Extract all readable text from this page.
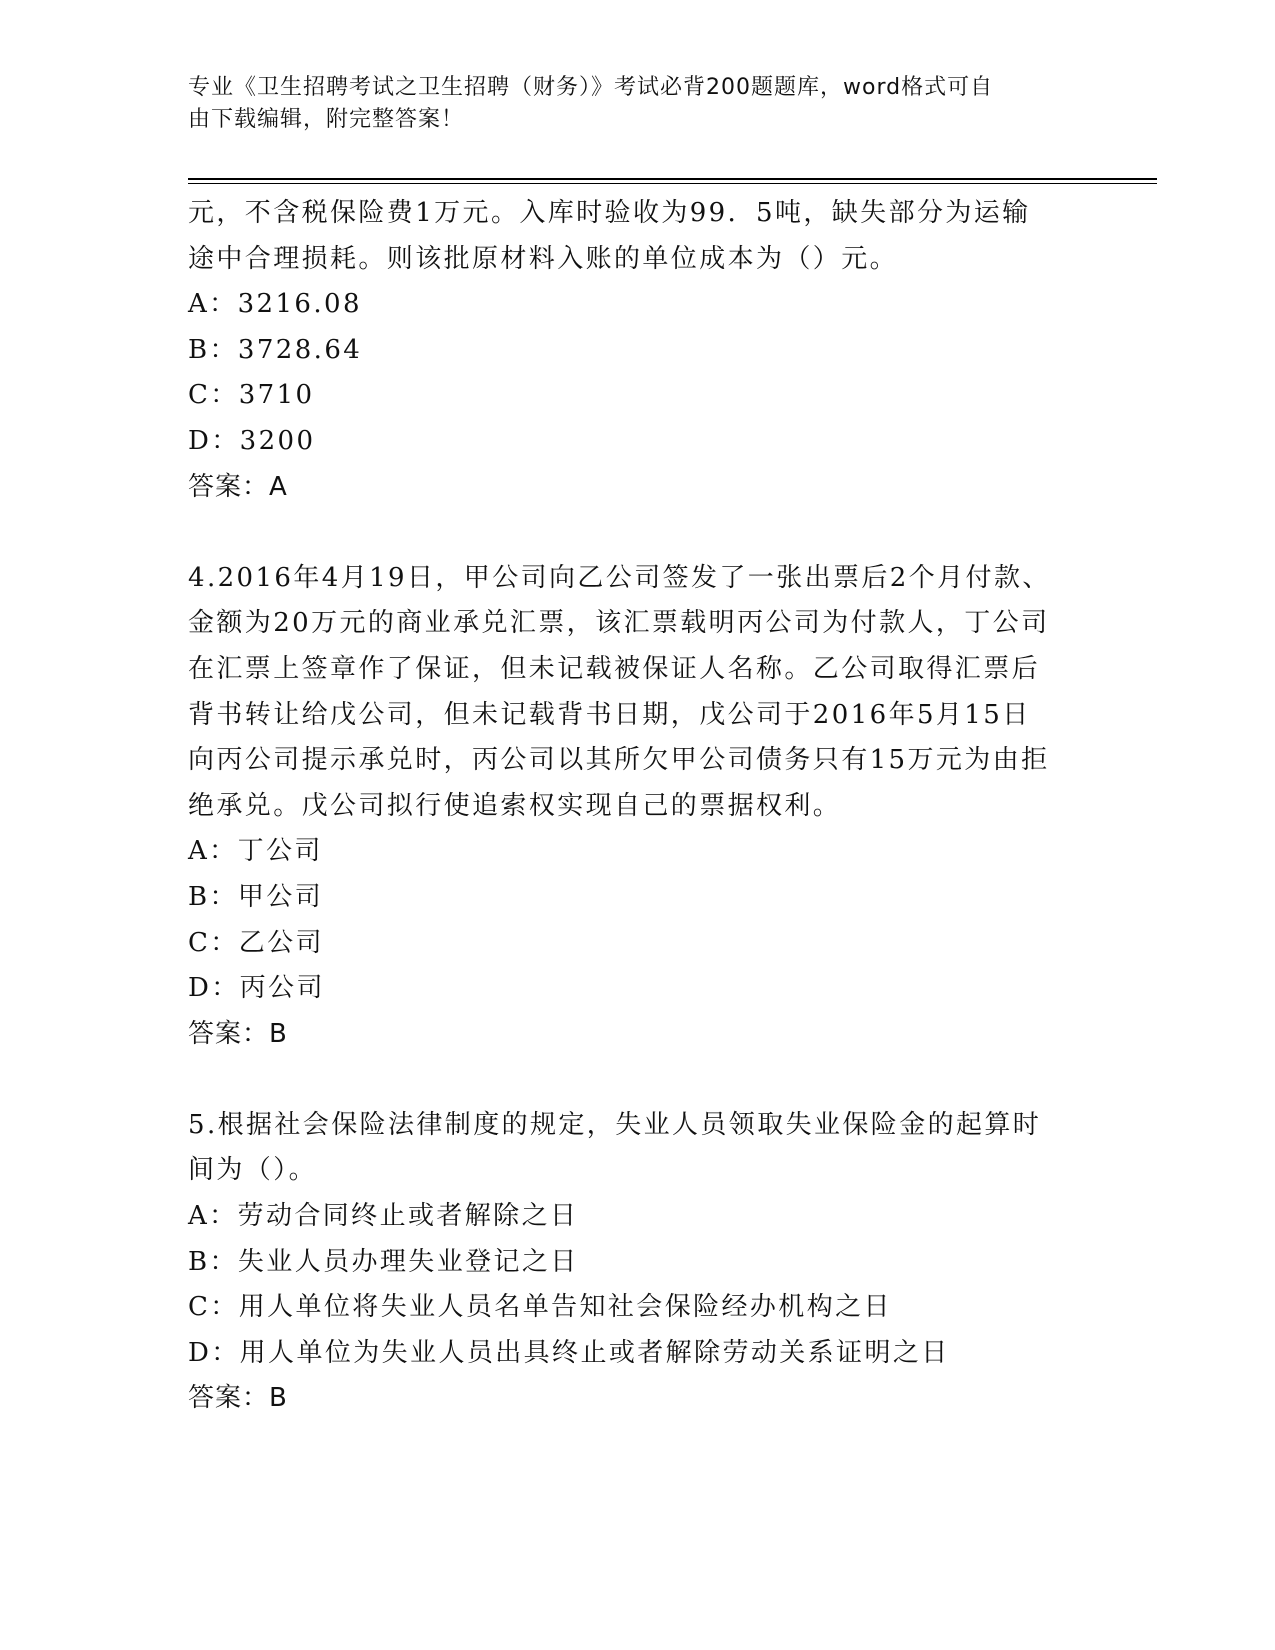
专业《卫生招聘考试之卫生招聘（财务）》考试必背200题题库，word格式可自
由下载编辑，附完整答案！
元，不含税保险费1万元。入库时验收为99．5吨，缺失部分为运输
途中合理损耗。则该批原材料入账的单位成本为（）元。
A：3216.08
B：3728.64
C：3710
D：3200
答案：A
4.2016年4月19日，甲公司向乙公司签发了一张出票后2个月付款、
金额为20万元的商业承兑汇票，该汇票载明丙公司为付款人，丁公司
在汇票上签章作了保证，但未记载被保证人名称。乙公司取得汇票后
背书转让给戊公司，但未记载背书日期，戊公司于2016年5月15日
向丙公司提示承兑时，丙公司以其所欠甲公司债务只有15万元为由拒
绝承兑。戊公司拟行使追索权实现自己的票据权利。
A：丁公司
B：甲公司
C：乙公司
D：丙公司
答案：B
5.根据社会保险法律制度的规定，失业人员领取失业保险金的起算时
间为（）。
A：劳动合同终止或者解除之日
B：失业人员办理失业登记之日
C：用人单位将失业人员名单告知社会保险经办机构之日
D：用人单位为失业人员出具终止或者解除劳动关系证明之日
答案：B
